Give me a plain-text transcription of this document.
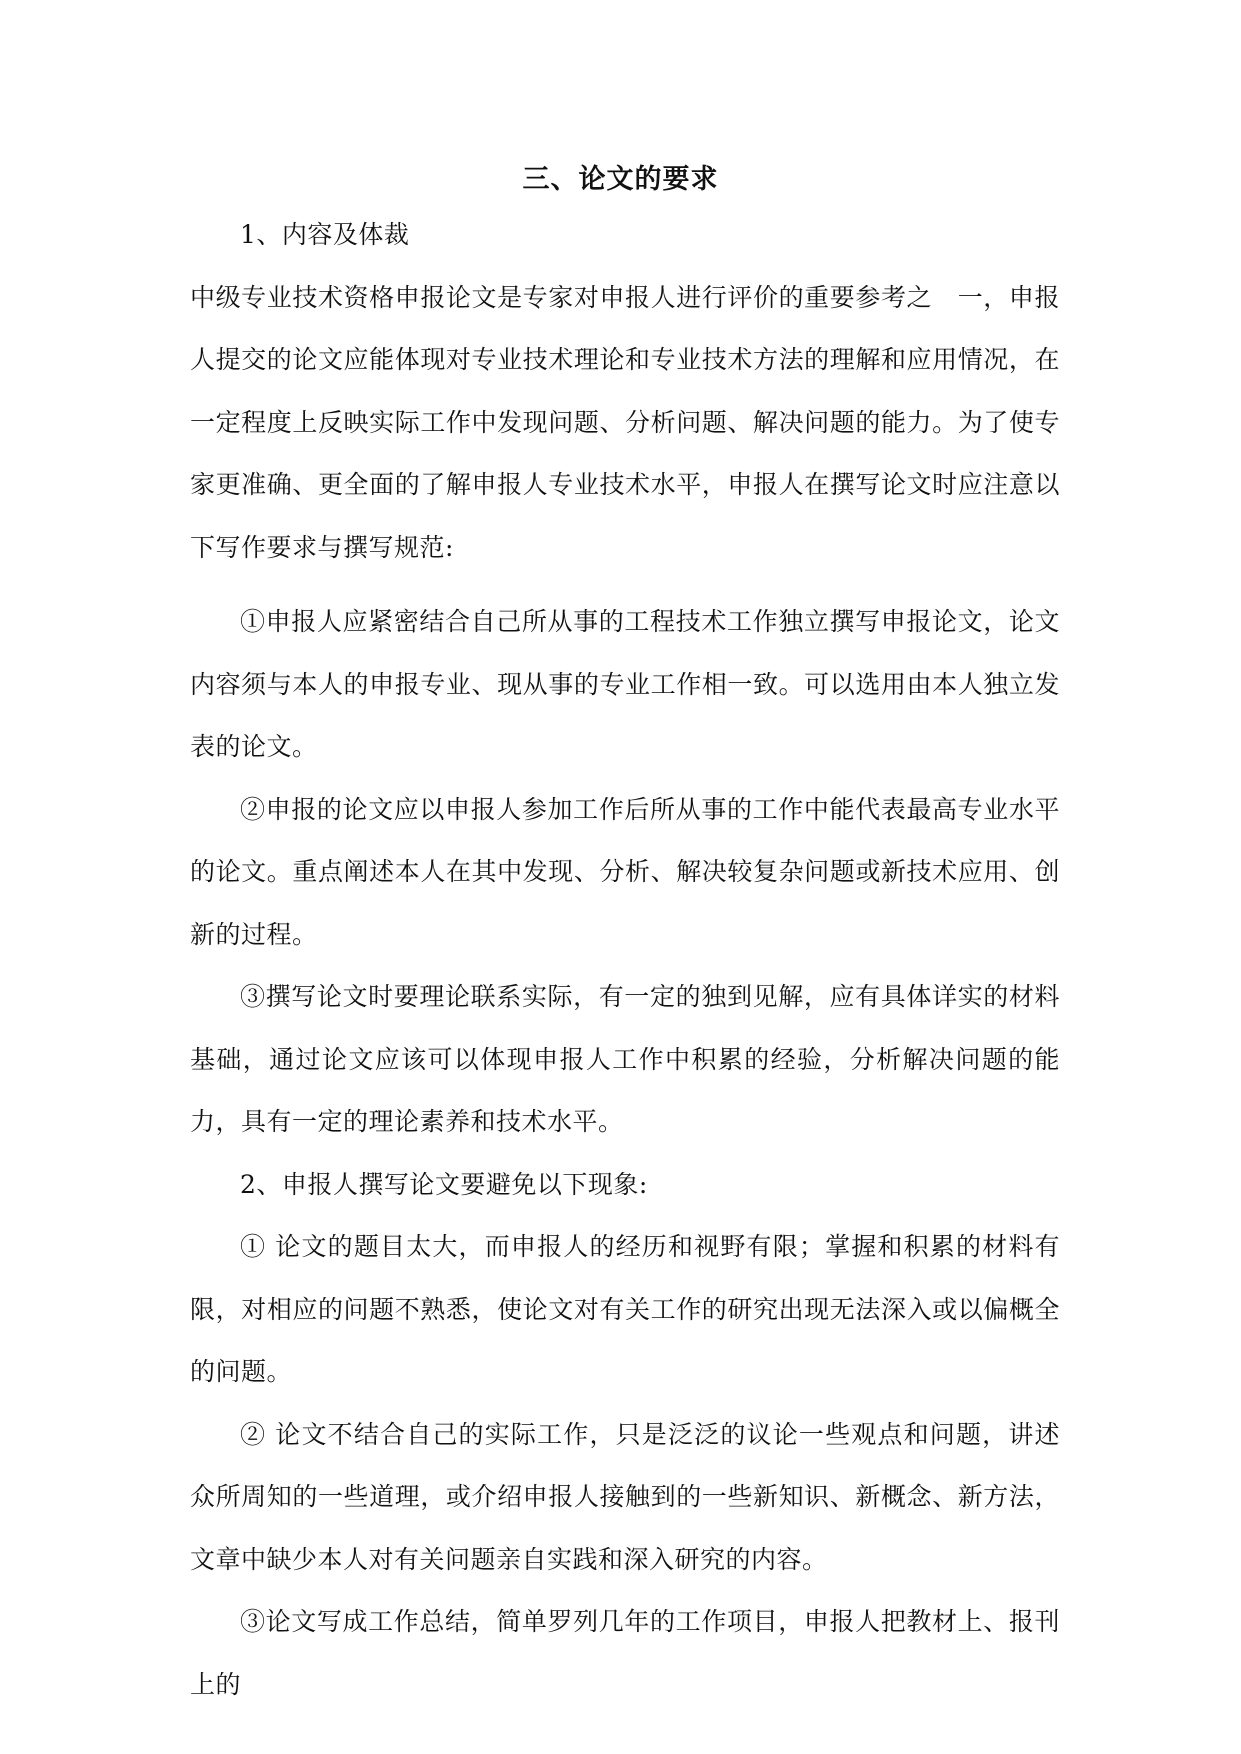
三、论文的要求

1、内容及体裁

中级专业技术资格申报论文是专家对申报人进行评价的重要参考之　一，申报人提交的论文应能体现对专业技术理论和专业技术方法的理解和应用情况，在一定程度上反映实际工作中发现问题、分析问题、解决问题的能力。为了使专家更准确、更全面的了解申报人专业技术水平，申报人在撰写论文时应注意以下写作要求与撰写规范:

①申报人应紧密结合自己所从事的工程技术工作独立撰写申报论文，论文内容须与本人的申报专业、现从事的专业工作相一致。可以选用由本人独立发表的论文。

②申报的论文应以申报人参加工作后所从事的工作中能代表最高专业水平的论文。重点阐述本人在其中发现、分析、解决较复杂问题或新技术应用、创新的过程。

③撰写论文时要理论联系实际，有一定的独到见解，应有具体详实的材料基础，通过论文应该可以体现申报人工作中积累的经验，分析解决问题的能力，具有一定的理论素养和技术水平。

2、申报人撰写论文要避免以下现象:

① 论文的题目太大，而申报人的经历和视野有限；掌握和积累的材料有限，对相应的问题不熟悉，使论文对有关工作的研究出现无法深入或以偏概全的问题。

② 论文不结合自己的实际工作，只是泛泛的议论一些观点和问题，讲述众所周知的一些道理，或介绍申报人接触到的一些新知识、新概念、新方法，文章中缺少本人对有关问题亲自实践和深入研究的内容。

③论文写成工作总结，简单罗列几年的工作项目，申报人把教材上、报刊上的
